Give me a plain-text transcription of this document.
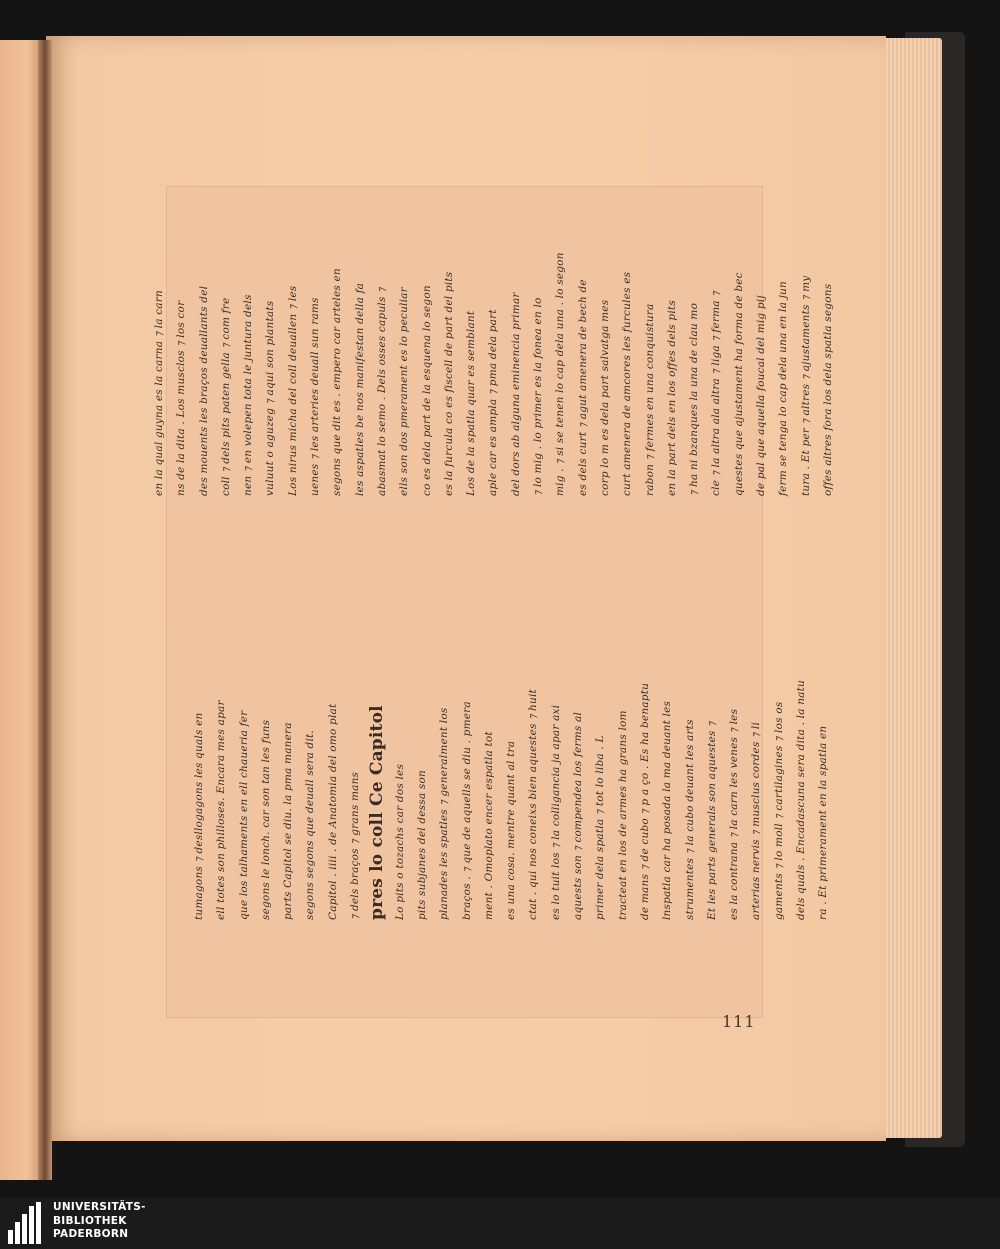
tumagons ⁊ desllogagons les quals en ell totes son philloses. Encara mes apar que los talhaments en ell chaueria fer segons le lonch. car son tan les funs parts Capitol se diu. la pma manera segons segons que deuall sera dit. Capitol . iiii . de Anatomia del omo plat ⁊ dels braços ⁊ grans mans pres lo coll Ce Capitol Lo pits o tozachs car dos les pits subjanes del dessa son planades les spatles ⁊ generalment los braços . ⁊ que de aquells se diu . pmera ment . Omoplato encer espatla tot es una cosa. mentre quant al tra ctat . qui nos coneixs bien aquestes ⁊ huit es lo tuit los ⁊ la colligancia ja apar axi aquests son ⁊ compendea los ferms al primer dela spatla ⁊ tot lo liba . L tracteat en los de armes ha grans lom de mans ⁊ de cubo ⁊ p a ço . Es ha benaptu lnspatla car ha posada la ma deuant les strumentes ⁊ la cubo deuant les arts Et les parts generals son aquestes ⁊ es la contrana ⁊ la carn les venes ⁊ les arterias nervis ⁊ musclus cordes ⁊ li gaments ⁊ lo moll ⁊ cartilagines ⁊ los os dels quals . Encadascuna sera dita . la natu ra . Et primerament en la spatla en
en la qual guyna es la carna ⁊ la carn ns de la dita . Los musclos ⁊ los cor des mouents les braços deuallants del coll ⁊ dels pits paten gella ⁊ com fre nen ⁊ en volepen tota le juntura dels vuluut o aguzeg ⁊ aqui son plantats Los nirus micha del coll deuallen ⁊ les uenes ⁊ les arteries deuall sun rams segons que dit es . empero car arteles en les aspatles be nos manifestan della fa abasmat lo semo . Dels osses capuls ⁊ ells son dos pmerament es lo peculiar co es dela part de la esquena lo segon es la furcula co es fiscell de part del pits Los de la spatla quar es semblant aple car es ampla ⁊ pma dela part del dors ab alguna eminencia primar ⁊ lo mig . lo primer es la fonea en lo mig . ⁊ si se tenen lo cap dela una . lo segon es dels curt ⁊ agut amenera de bech de corp lo m es dela part salvatga mes curt amenera de amcores les furcules es rabon ⁊ fermes en una conquistura en la part dels en los offes dels pits ⁊ ha ni bzanques la una de clau mo cle ⁊ la altra ala altra ⁊ liga ⁊ ferma ⁊ questes que ajustament ha forma de bec de pal que aquella foucal del mig pij ferm se tenga lo cap dela una en la jun tura . Et per ⁊ altres ⁊ ajustaments ⁊ my offes altres fora los dela spatla segons
111
UNIVERSITÄTS-
BIBLIOTHEK
PADERBORN
